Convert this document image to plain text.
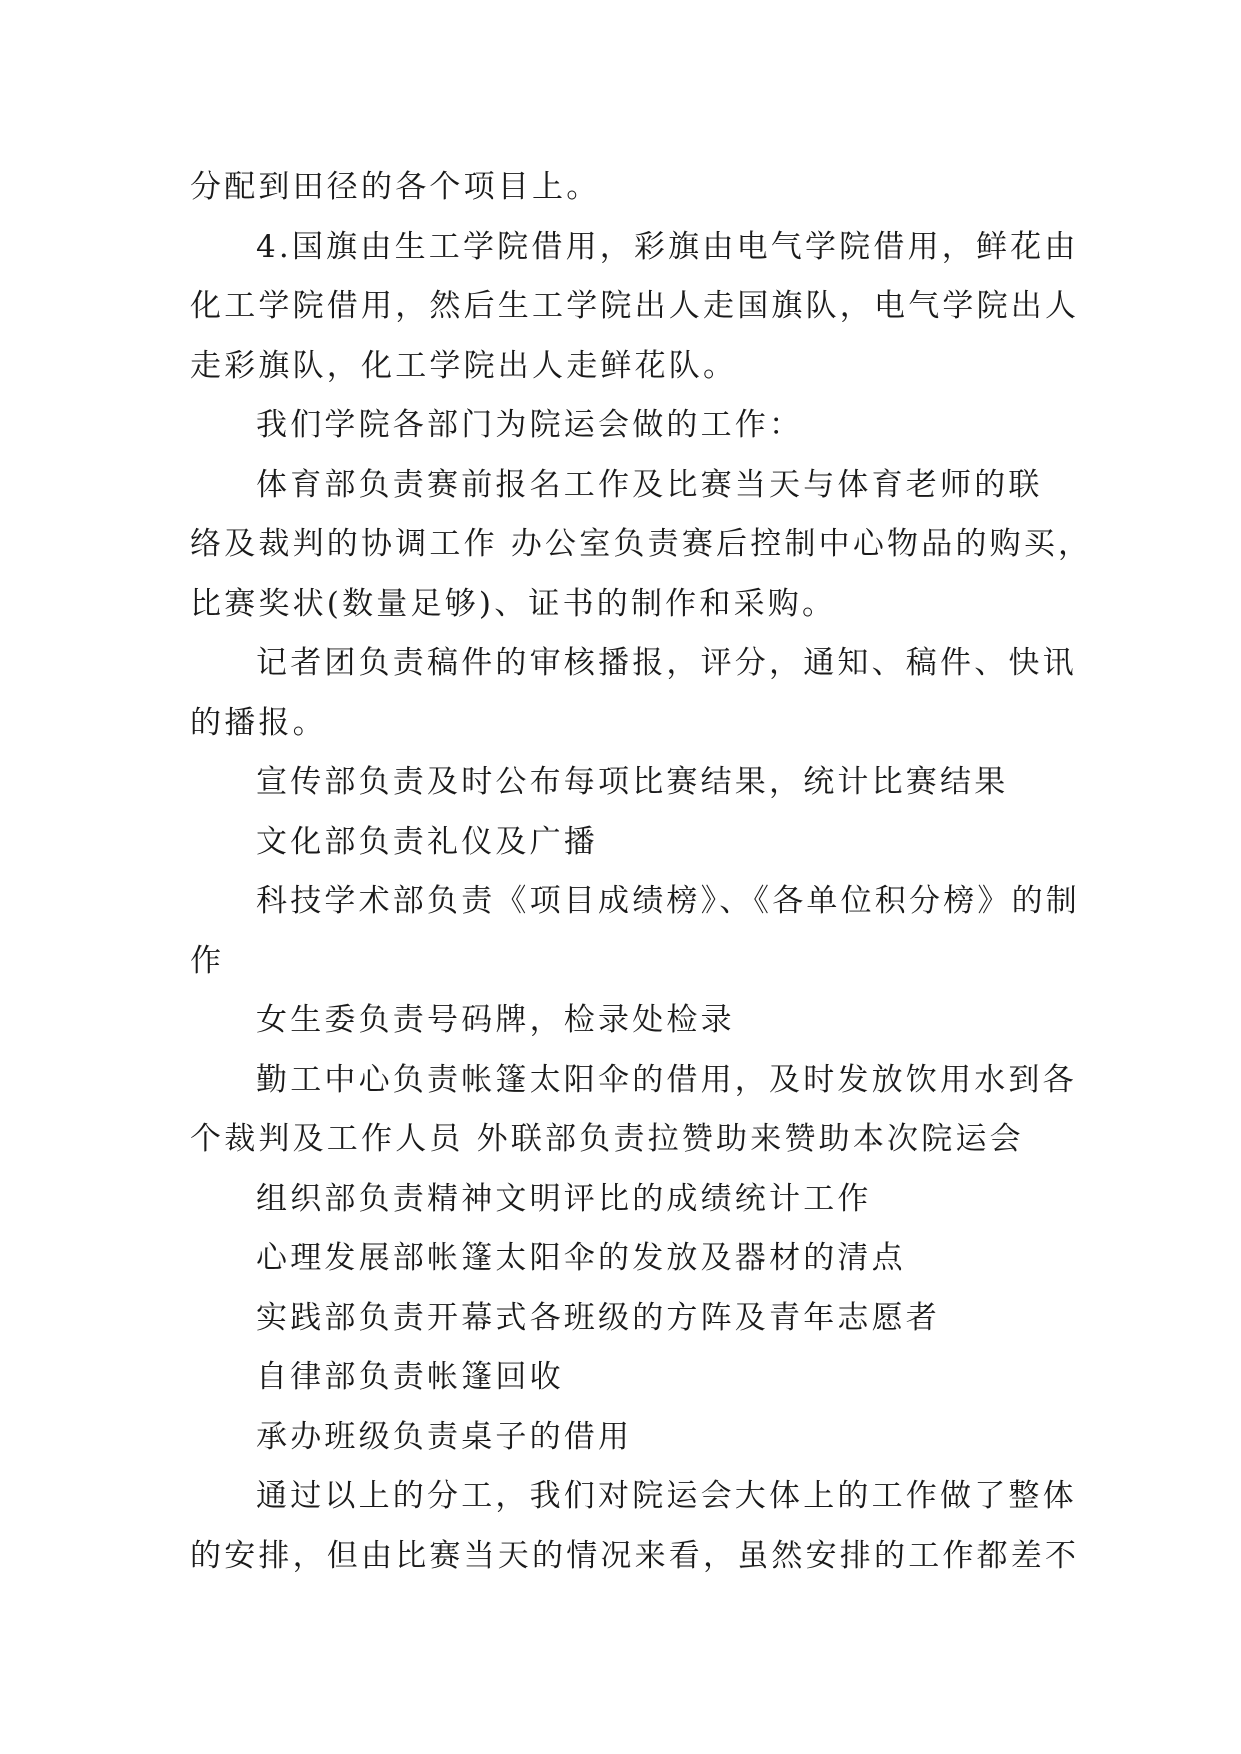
分配到田径的各个项目上。
4.国旗由生工学院借用，彩旗由电气学院借用，鲜花由
化工学院借用，然后生工学院出人走国旗队，电气学院出人
走彩旗队，化工学院出人走鲜花队。
我们学院各部门为院运会做的工作：
体育部负责赛前报名工作及比赛当天与体育老师的联
络及裁判的协调工作 办公室负责赛后控制中心物品的购买，
比赛奖状(数量足够)、证书的制作和采购。
记者团负责稿件的审核播报，评分，通知、稿件、快讯
的播报。
宣传部负责及时公布每项比赛结果，统计比赛结果
文化部负责礼仪及广播
科技学术部负责《项目成绩榜》、《各单位积分榜》的制
作
女生委负责号码牌，检录处检录
勤工中心负责帐篷太阳伞的借用，及时发放饮用水到各
个裁判及工作人员 外联部负责拉赞助来赞助本次院运会
组织部负责精神文明评比的成绩统计工作
心理发展部帐篷太阳伞的发放及器材的清点
实践部负责开幕式各班级的方阵及青年志愿者
自律部负责帐篷回收
承办班级负责桌子的借用
通过以上的分工，我们对院运会大体上的工作做了整体
的安排，但由比赛当天的情况来看，虽然安排的工作都差不
